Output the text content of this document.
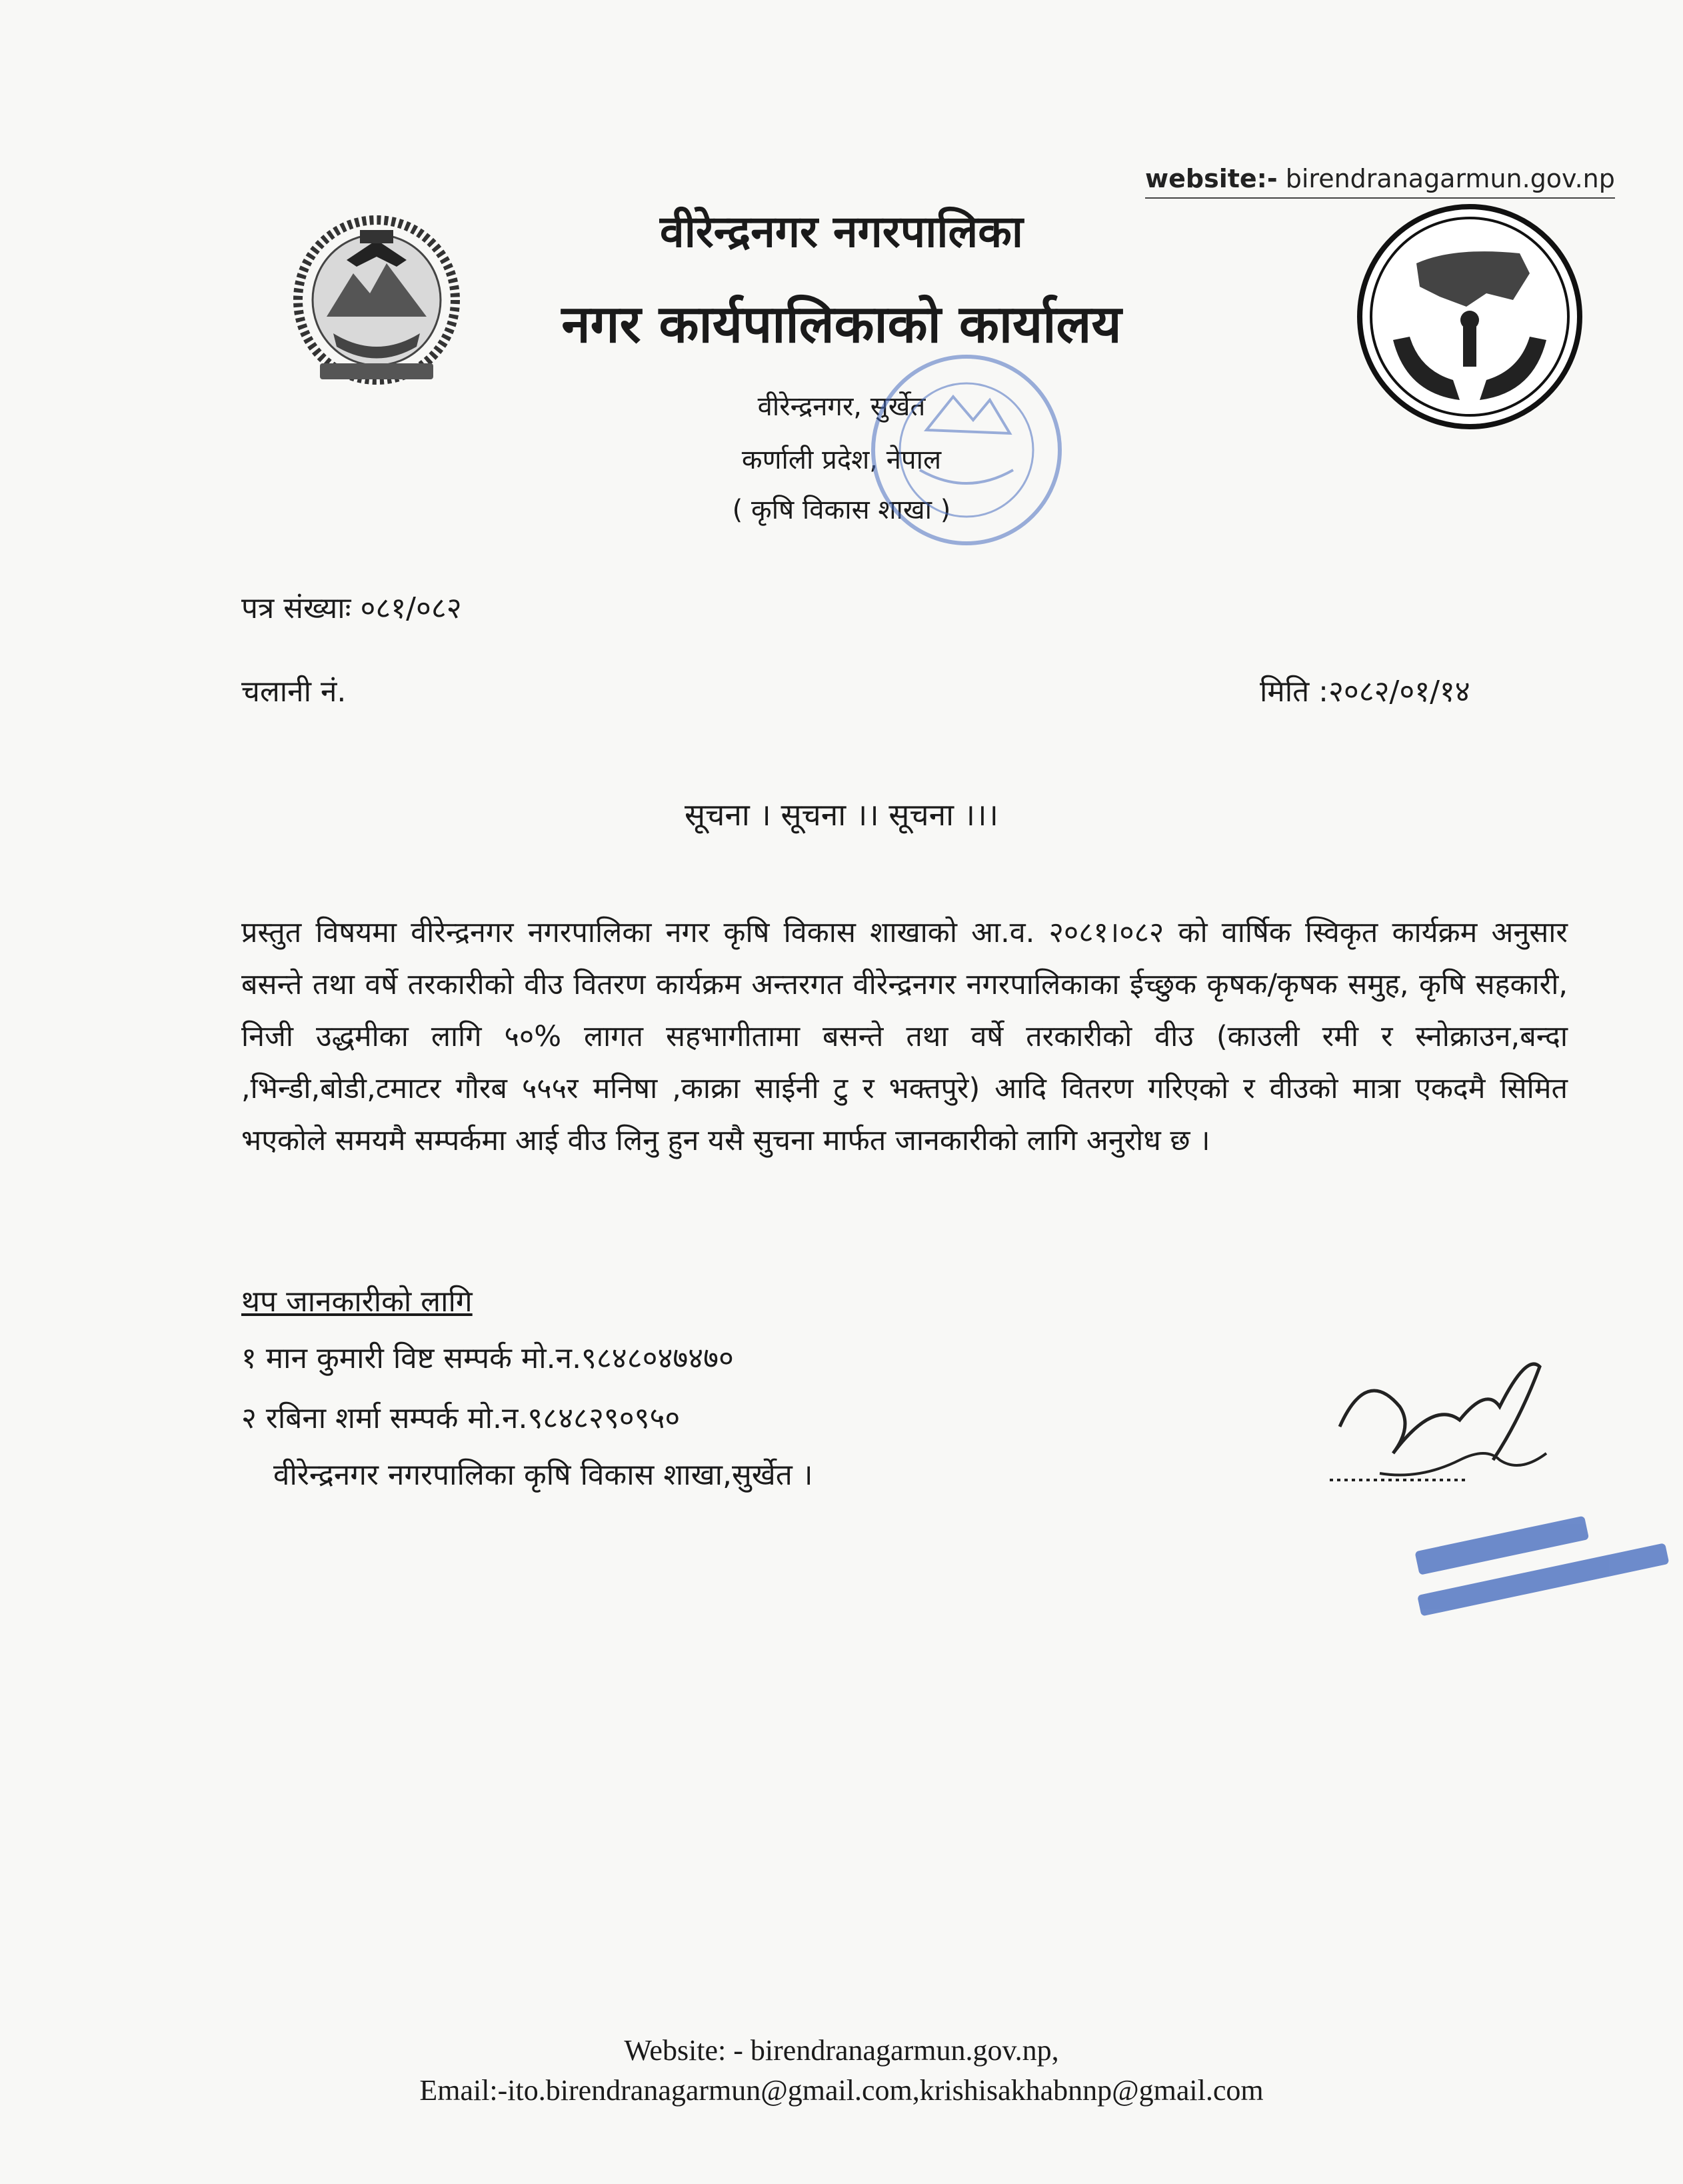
website:- birendranagarmun.gov.np
वीरेन्द्रनगर नगरपालिका
नगर कार्यपालिकाको कार्यालय
वीरेन्द्रनगर, सुर्खेत
कर्णाली प्रदेश, नेपाल
( कृषि विकास शाखा )
पत्र संख्याः ०८१/०८२
चलानी नं.	मिति :२०८२/०१/१४
सूचना । सूचना ।। सूचना ।।।
प्रस्तुत विषयमा वीरेन्द्रनगर नगरपालिका नगर कृषि विकास शाखाको आ.व. २०८१।०८२ को वार्षिक स्विकृत कार्यक्रम अनुसार बसन्ते तथा वर्षे तरकारीको वीउ वितरण कार्यक्रम अन्तरगत वीरेन्द्रनगर नगरपालिकाका ईच्छुक कृषक/कृषक समुह, कृषि सहकारी, निजी उद्धमीका लागि ५०% लागत सहभागीतामा बसन्ते तथा वर्षे तरकारीको वीउ (काउली रमी र स्नोक्राउन,बन्दा ,भिन्डी,बोडी,टमाटर गौरब ५५५र मनिषा ,काक्रा साईनी टु र भक्तपुरे) आदि वितरण गरिएको र वीउको मात्रा एकदमै सिमित भएकोले समयमै सम्पर्कमा आई वीउ लिनु हुन यसै सुचना मार्फत जानकारीको लागि अनुरोध छ ।
थप जानकारीको लागि
१ मान कुमारी विष्ट सम्पर्क मो.न.९८४८०४७४७०
२ रबिना शर्मा सम्पर्क मो.न.९८४८२९०९५०
वीरेन्द्रनगर नगरपालिका कृषि विकास शाखा,सुर्खेत ।
Website: - birendranagarmun.gov.np,
Email:-ito.birendranagarmun@gmail.com,krishisakhabnnp@gmail.com
